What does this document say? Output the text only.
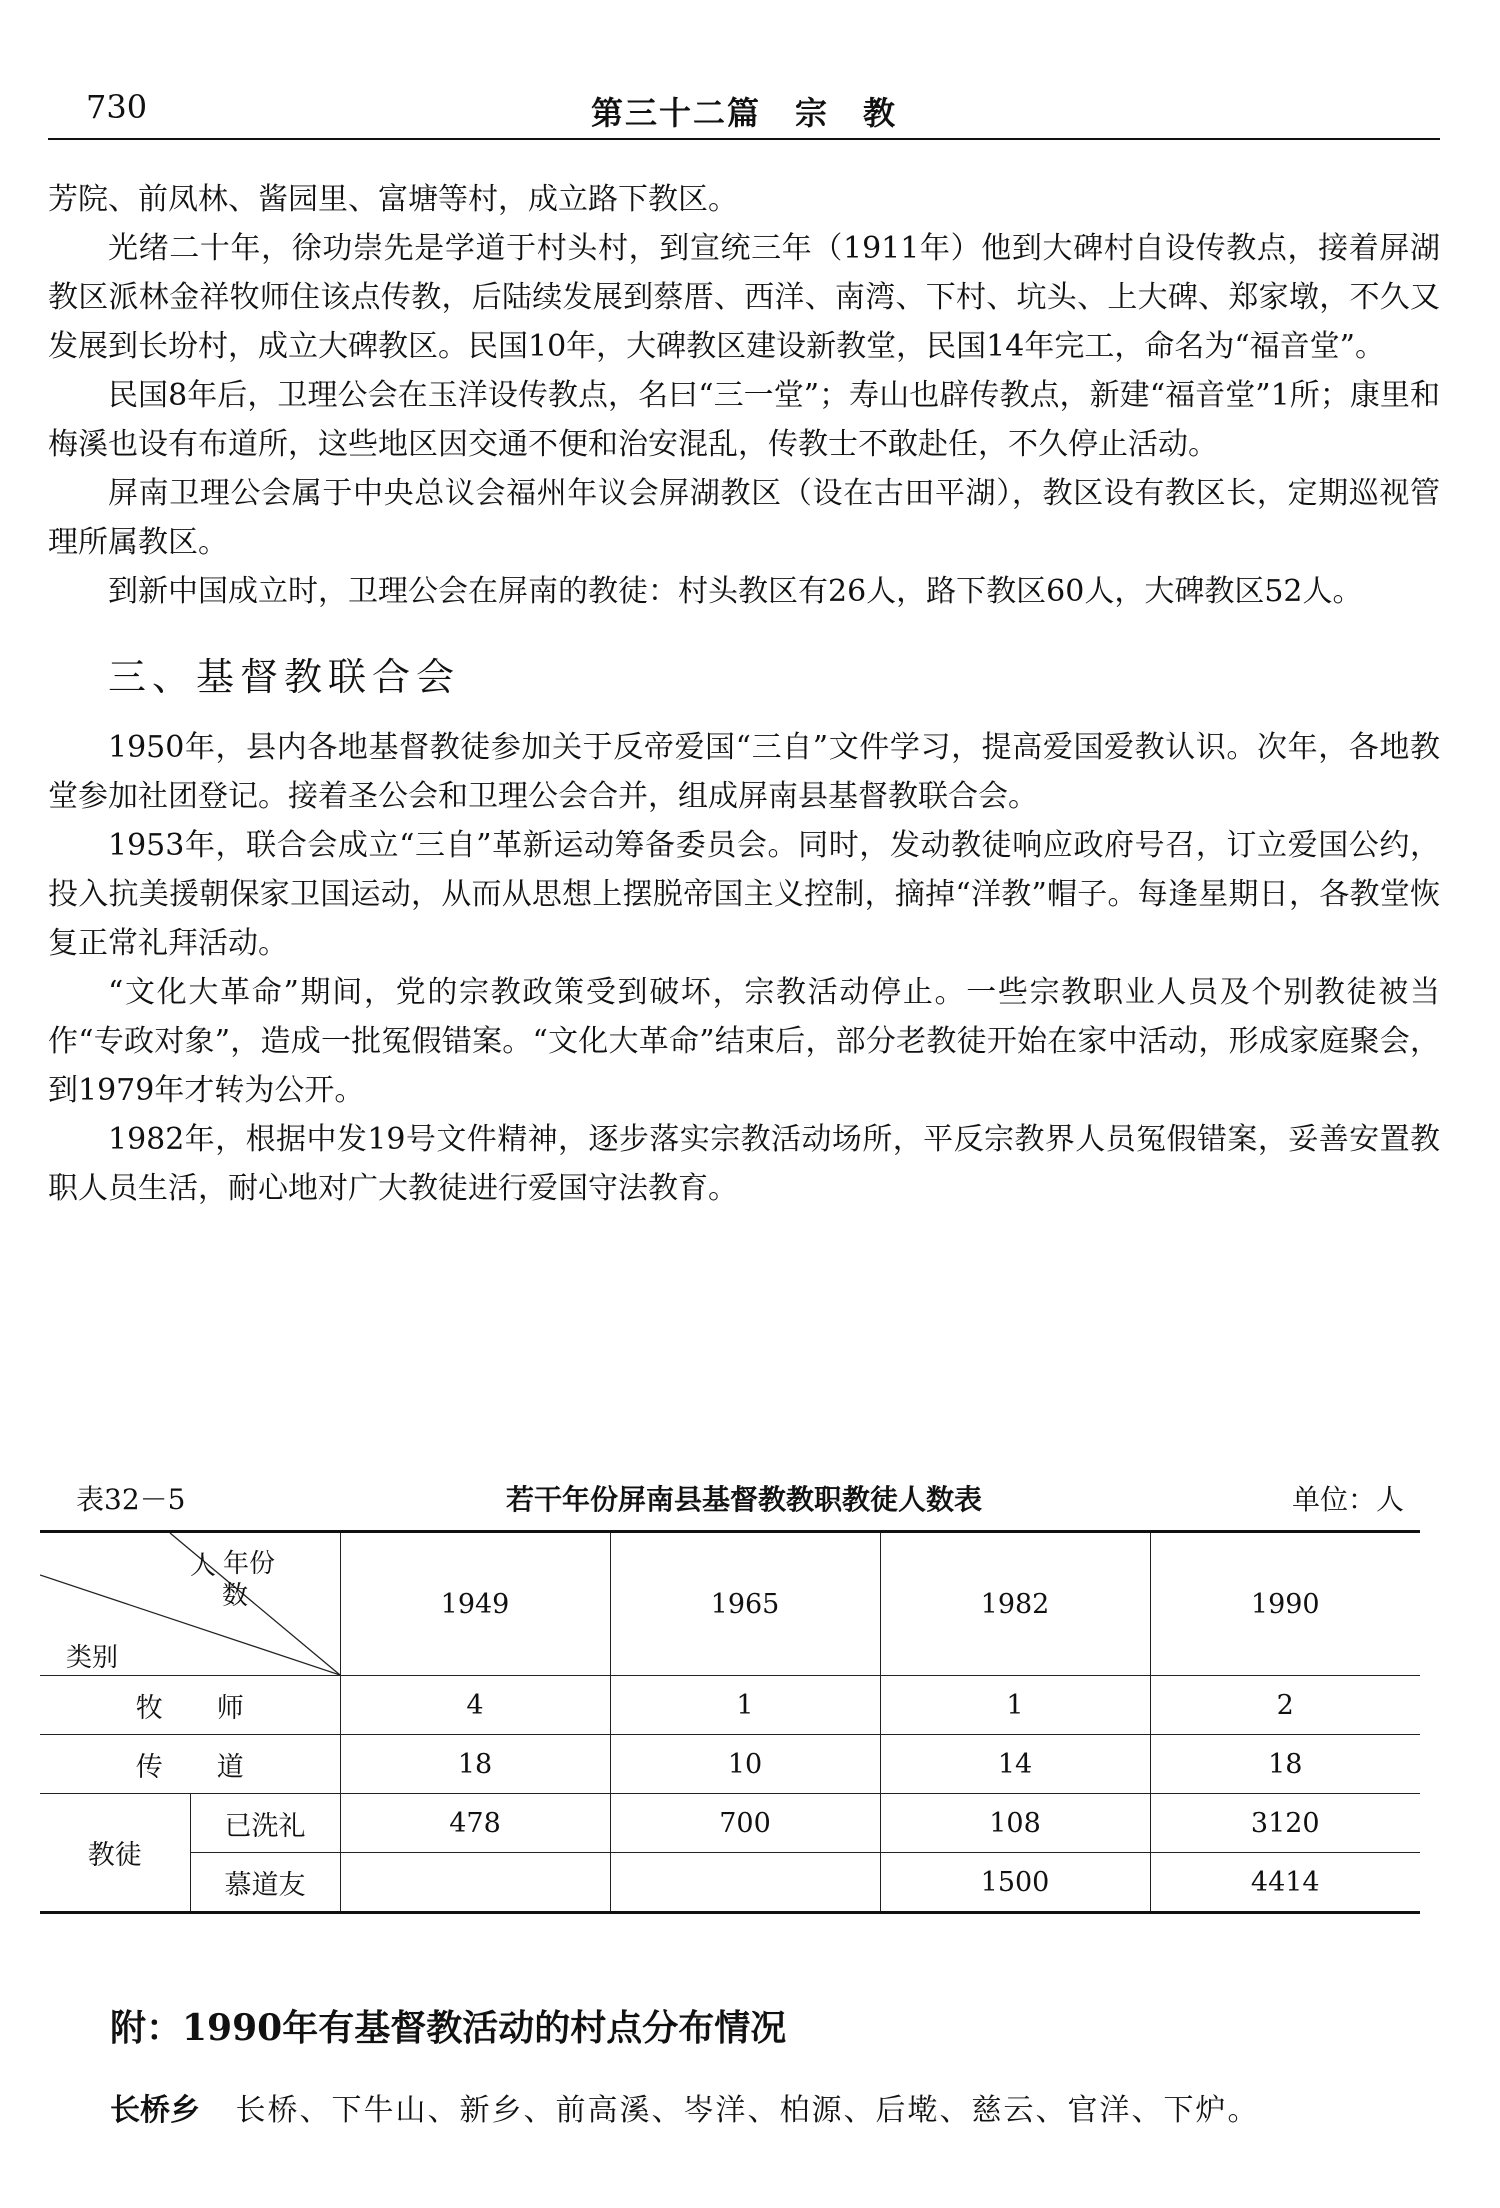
730	第三十二篇　宗　教

芳院、前凤林、酱园里、富塘等村，成立路下教区。

光绪二十年，徐功崇先是学道于村头村，到宣统三年（1911年）他到大碑村自设传教点，接着屏湖教区派林金祥牧师住该点传教，后陆续发展到蔡厝、西洋、南湾、下村、坑头、上大碑、郑家墩，不久又发展到长坋村，成立大碑教区。民国10年，大碑教区建设新教堂，民国14年完工，命名为“福音堂”。

民国8年后，卫理公会在玉洋设传教点，名曰“三一堂”；寿山也辟传教点，新建“福音堂”1所；康里和梅溪也设有布道所，这些地区因交通不便和治安混乱，传教士不敢赴任，不久停止活动。

屏南卫理公会属于中央总议会福州年议会屏湖教区（设在古田平湖），教区设有教区长，定期巡视管理所属教区。

到新中国成立时，卫理公会在屏南的教徒：村头教区有26人，路下教区60人，大碑教区52人。

三、基督教联合会

1950年，县内各地基督教徒参加关于反帝爱国“三自”文件学习，提高爱国爱教认识。次年，各地教堂参加社团登记。接着圣公会和卫理公会合并，组成屏南县基督教联合会。

1953年，联合会成立“三自”革新运动筹备委员会。同时，发动教徒响应政府号召，订立爱国公约，投入抗美援朝保家卫国运动，从而从思想上摆脱帝国主义控制，摘掉“洋教”帽子。每逢星期日，各教堂恢复正常礼拜活动。

“文化大革命”期间，党的宗教政策受到破坏，宗教活动停止。一些宗教职业人员及个别教徒被当作“专政对象”，造成一批冤假错案。“文化大革命”结束后，部分老教徒开始在家中活动，形成家庭聚会，到1979年才转为公开。

1982年，根据中发19号文件精神，逐步落实宗教活动场所，平反宗教界人员冤假错案，妥善安置教职人员生活，耐心地对广大教徒进行爱国守法教育。

表32－5	若干年份屏南县基督教教职教徒人数表	单位：人
年份
人
数
类别		1949	1965	1982	1990
牧　　师		4	1	1	2
传　　道		18	10	14	18
教徒	已洗礼	478	700	108	3120
	慕道友			1500	4414
附：1990年有基督教活动的村点分布情况
长桥乡 长桥、下牛山、新乡、前高溪、岑洋、柏源、后墘、慈云、官洋、下炉。
